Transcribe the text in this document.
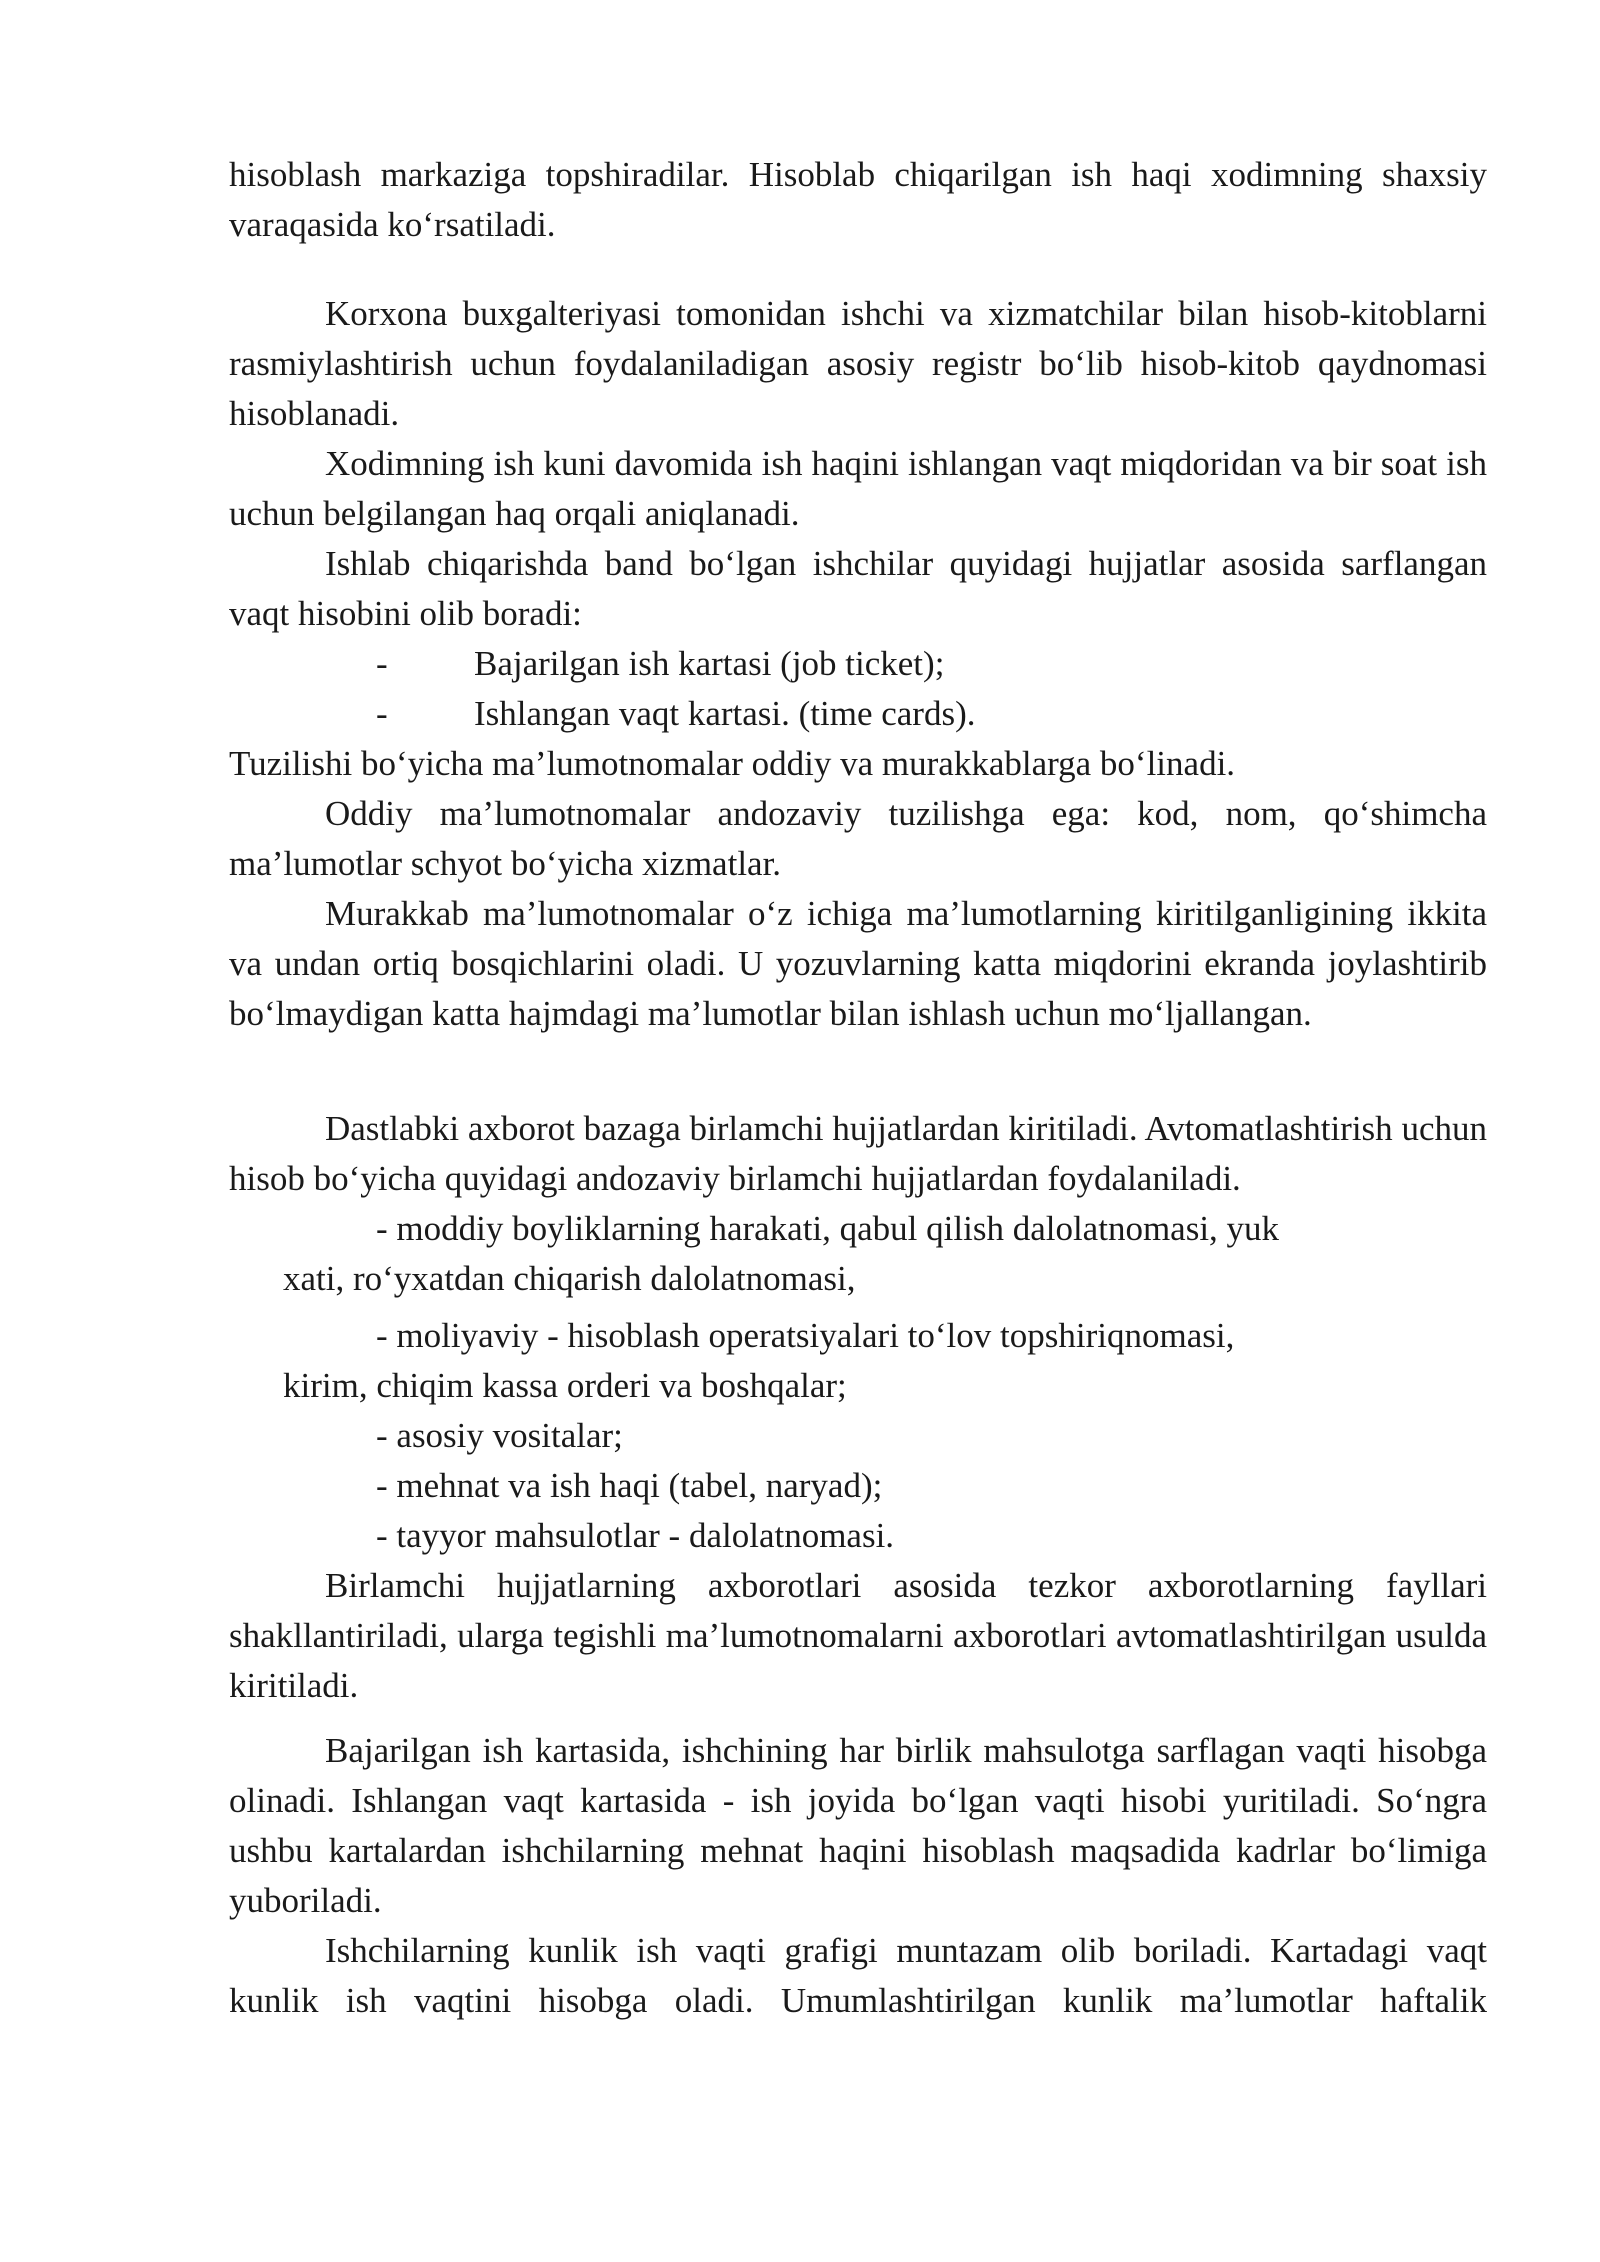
hisoblash markaziga topshiradilar. Hisoblab chiqarilgan ish haqi xodimning shaxsiy varaqasida ko‘rsatiladi.

Korxona buxgalteriyasi tomonidan ishchi va xizmatchilar bilan hisob-kitoblarni rasmiylashtirish uchun foydalaniladigan asosiy registr bo‘lib hisob-kitob qaydnomasi hisoblanadi.

Xodimning ish kuni davomida ish haqini ishlangan vaqt miqdoridan va bir soat ish uchun belgilangan haq orqali aniqlanadi.

Ishlab chiqarishda band bo‘lgan ishchilar quyidagi hujjatlar asosida sarflangan vaqt hisobini olib boradi:

- Bajarilgan ish kartasi (job ticket);
- Ishlangan vaqt kartasi. (time cards).

Tuzilishi bo‘yicha ma’lumotnomalar oddiy va murakkablarga bo‘linadi.

Oddiy ma’lumotnomalar andozaviy tuzilishga ega: kod, nom, qo‘shimcha ma’lumotlar schyot bo‘yicha xizmatlar.

Murakkab ma’lumotnomalar o‘z ichiga ma’lumotlarning kiritilganligining ikkita va undan ortiq bosqichlarini oladi. U yozuvlarning katta miqdorini ekranda joylashtirib bo‘lmaydigan katta hajmdagi ma’lumotlar bilan ishlash uchun mo‘ljallangan.

Dastlabki axborot bazaga birlamchi hujjatlardan kiritiladi. Avtomatlashtirish uchun hisob bo‘yicha quyidagi andozaviy birlamchi hujjatlardan foydalaniladi.

- moddiy boyliklarning harakati, qabul qilish dalolatnomasi, yuk
xati, ro‘yxatdan chiqarish dalolatnomasi,
- moliyaviy - hisoblash operatsiyalari to‘lov topshiriqnomasi,
kirim, chiqim kassa orderi va boshqalar;
- asosiy vositalar;
- mehnat va ish haqi (tabel, naryad);
- tayyor mahsulotlar - dalolatnomasi.

Birlamchi hujjatlarning axborotlari asosida tezkor axborotlarning fayllari shakllantiriladi, ularga tegishli ma’lumotnomalarni axborotlari avtomatlashtirilgan usulda kiritiladi.

Bajarilgan ish kartasida, ishchining har birlik mahsulotga sarflagan vaqti hisobga olinadi. Ishlangan vaqt kartasida - ish joyida bo‘lgan vaqti hisobi yuritiladi. So‘ngra ushbu kartalardan ishchilarning mehnat haqini hisoblash maqsadida kadrlar bo‘limiga yuboriladi.

Ishchilarning kunlik ish vaqti grafigi muntazam olib boriladi. Kartadagi vaqt kunlik ish vaqtini hisobga oladi. Umumlashtirilgan kunlik ma’lumotlar haftalik
